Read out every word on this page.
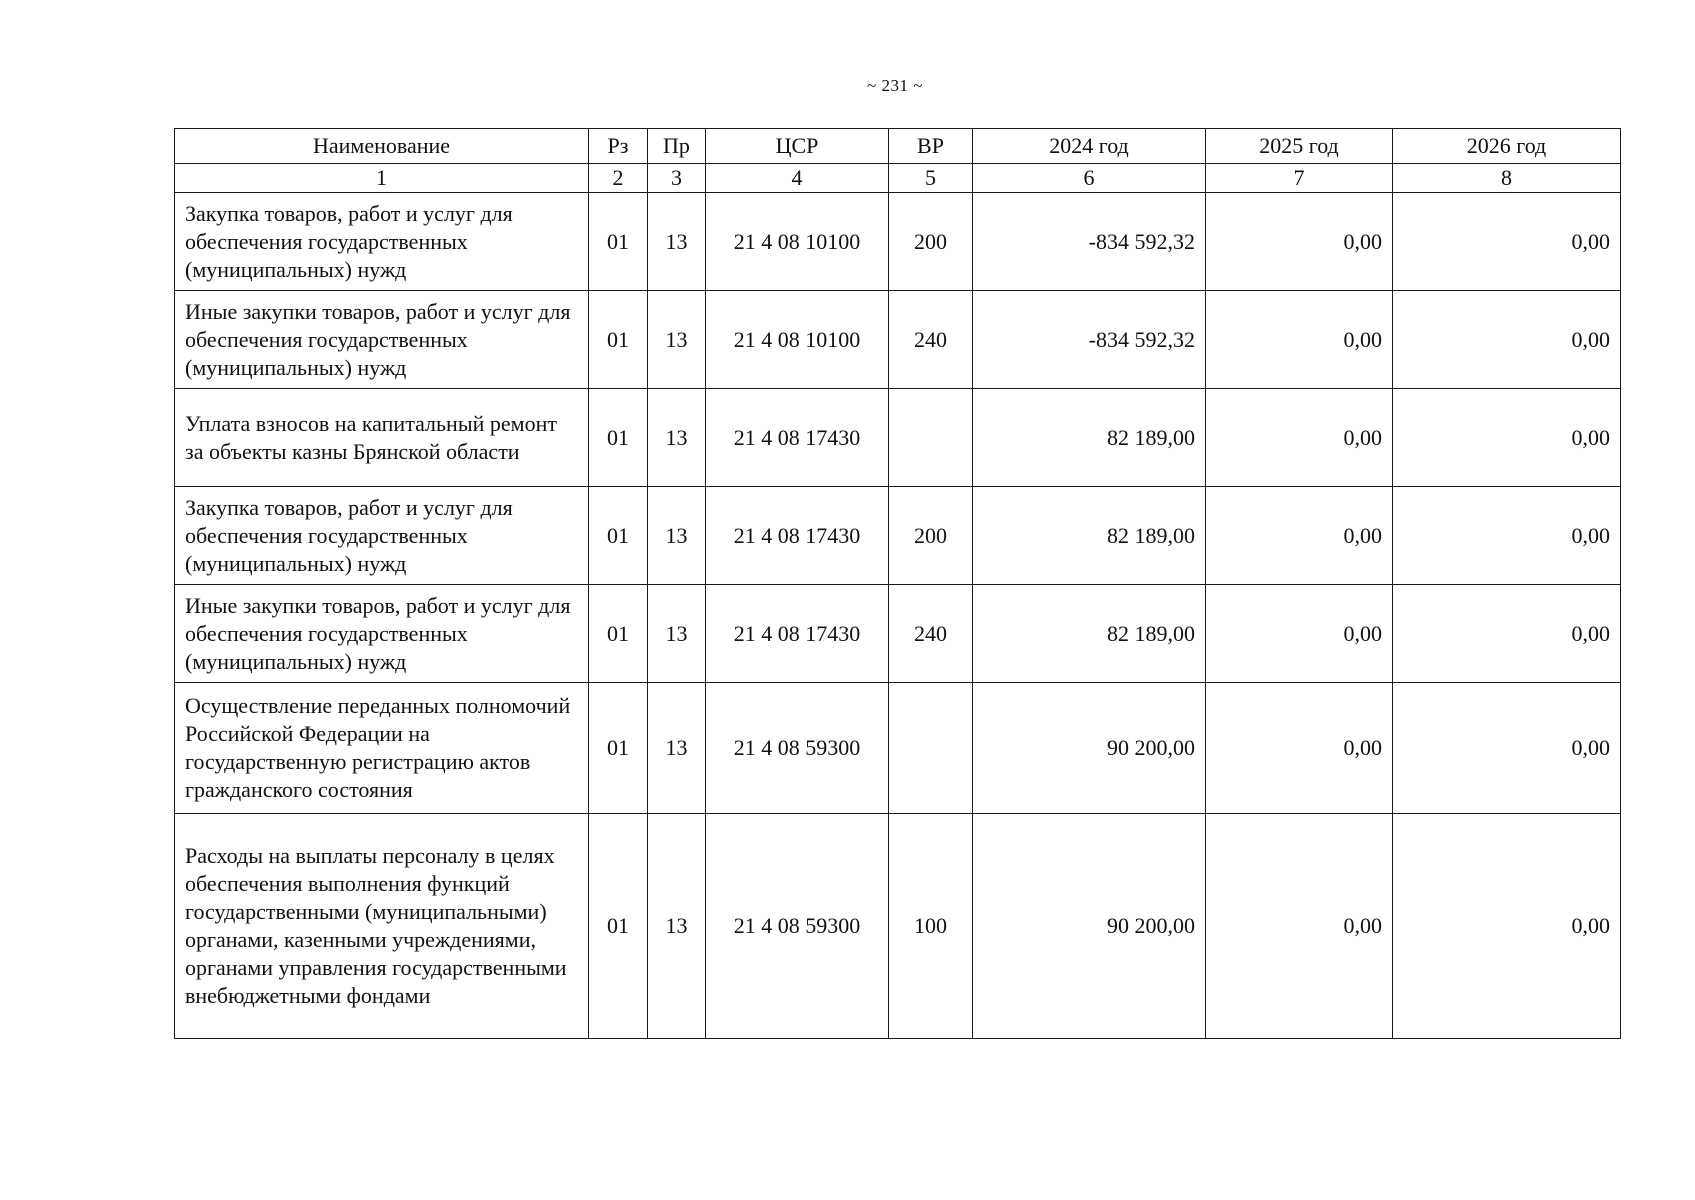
~ 231 ~
Наименование	Рз	Пр	ЦСР	ВР	2024 год	2025 год	2026 год
1	2	3	4	5	6	7	8
Закупка товаров, работ и услуг для обеспечения государственных (муниципальных) нужд	01	13	21 4 08 10100	200	-834 592,32	0,00	0,00
Иные закупки товаров, работ и услуг для обеспечения государственных (муниципальных) нужд	01	13	21 4 08 10100	240	-834 592,32	0,00	0,00
Уплата взносов на капитальный ремонт за объекты казны Брянской области	01	13	21 4 08 17430		82 189,00	0,00	0,00
Закупка товаров, работ и услуг для обеспечения государственных (муниципальных) нужд	01	13	21 4 08 17430	200	82 189,00	0,00	0,00
Иные закупки товаров, работ и услуг для обеспечения государственных (муниципальных) нужд	01	13	21 4 08 17430	240	82 189,00	0,00	0,00
Осуществление переданных полномочий Российской Федерации на государственную регистрацию актов гражданского состояния	01	13	21 4 08 59300		90 200,00	0,00	0,00
Расходы на выплаты персоналу в целях обеспечения выполнения функций государственными (муниципальными) органами, казенными учреждениями, органами управления государственными внебюджетными фондами	01	13	21 4 08 59300	100	90 200,00	0,00	0,00
